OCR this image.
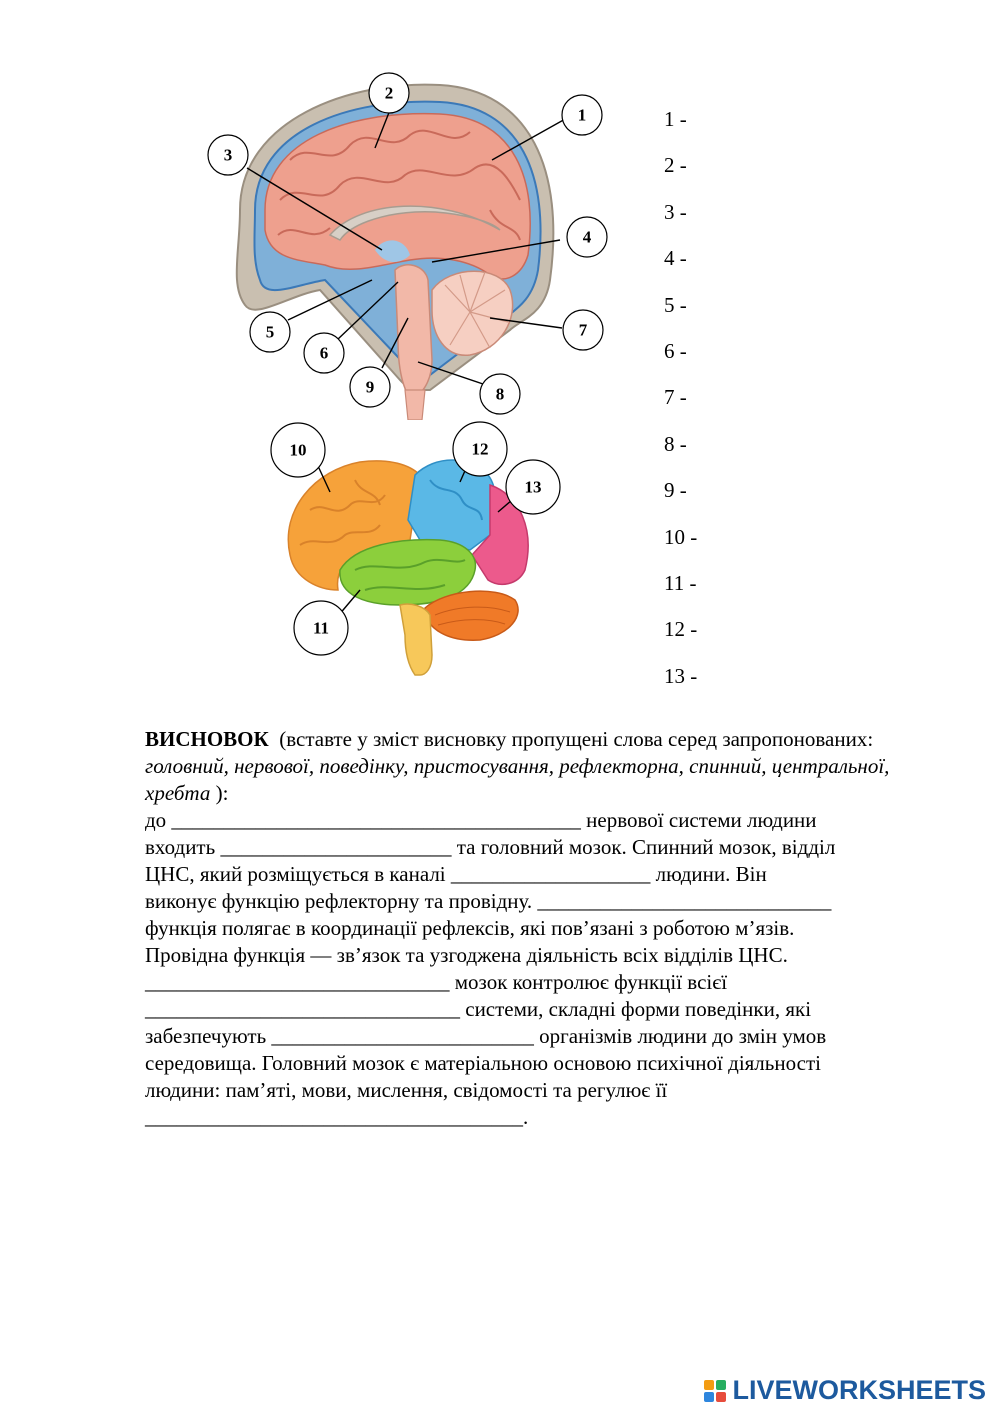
1
2
3
4
5
6
7
8
9
10
11
12
13
1 -
2 -
3 -
4 -
5 -
6 -
7 -
8 -
9 -
10 -
11 -
12 -
13 -

ВИСНОВОК  (вставте у зміст висновку пропущені слова серед запропонованих: головний, нервової, поведінку, пристосування, рефлекторна, спинний, центральної, хребта ):

до _______________________________________ нервової системи людини

входить ______________________ та головний мозок. Спинний мозок, відділ

ЦНС, який розміщується в каналі ___________________ людини. Він

виконує функцію рефлекторну та провідну. ____________________________

функція полягає в координації рефлексів, які пов’язані з роботою м’язів.

Провідна функція — зв’язок та узгоджена діяльність всіх відділів ЦНС.

_____________________________ мозок контролює функції всієї

______________________________ системи, складні форми поведінки, які

забезпечують _________________________ організмів людини до змін умов

середовища. Головний мозок є матеріальною основою психічної діяльності

людини: пам’яті, мови, мислення, свідомості та регулює її

____________________________________.

LIVEWORKSHEETS
